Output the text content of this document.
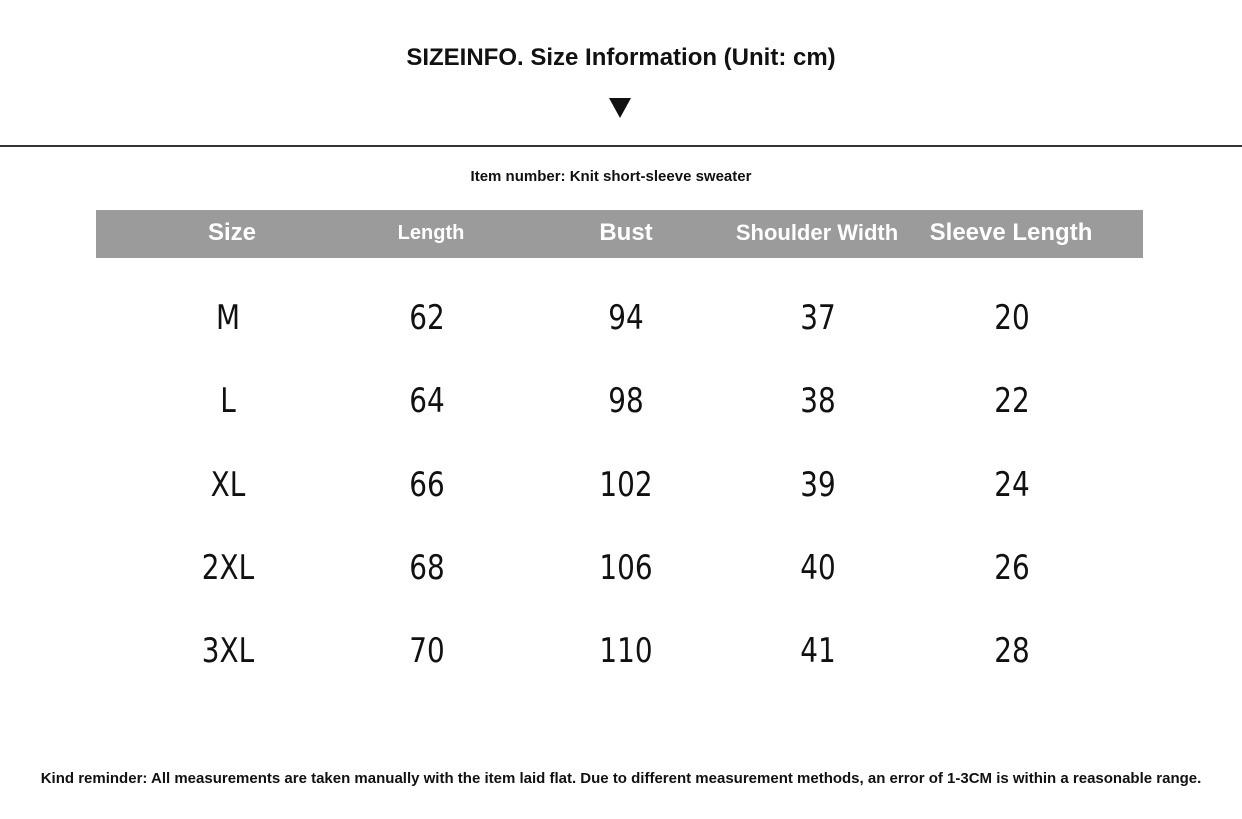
SIZEINFO. Size Information (Unit: cm)
Item number: Knit short-sleeve sweater
Size	Length	Bust	Shoulder Width	Sleeve Length
M	62	94	37	20
L	64	98	38	22
XL	66	102	39	24
2XL	68	106	40	26
3XL	70	110	41	28
Kind reminder: All measurements are taken manually with the item laid flat. Due to different measurement methods, an error of 1-3CM is within a reasonable range.
